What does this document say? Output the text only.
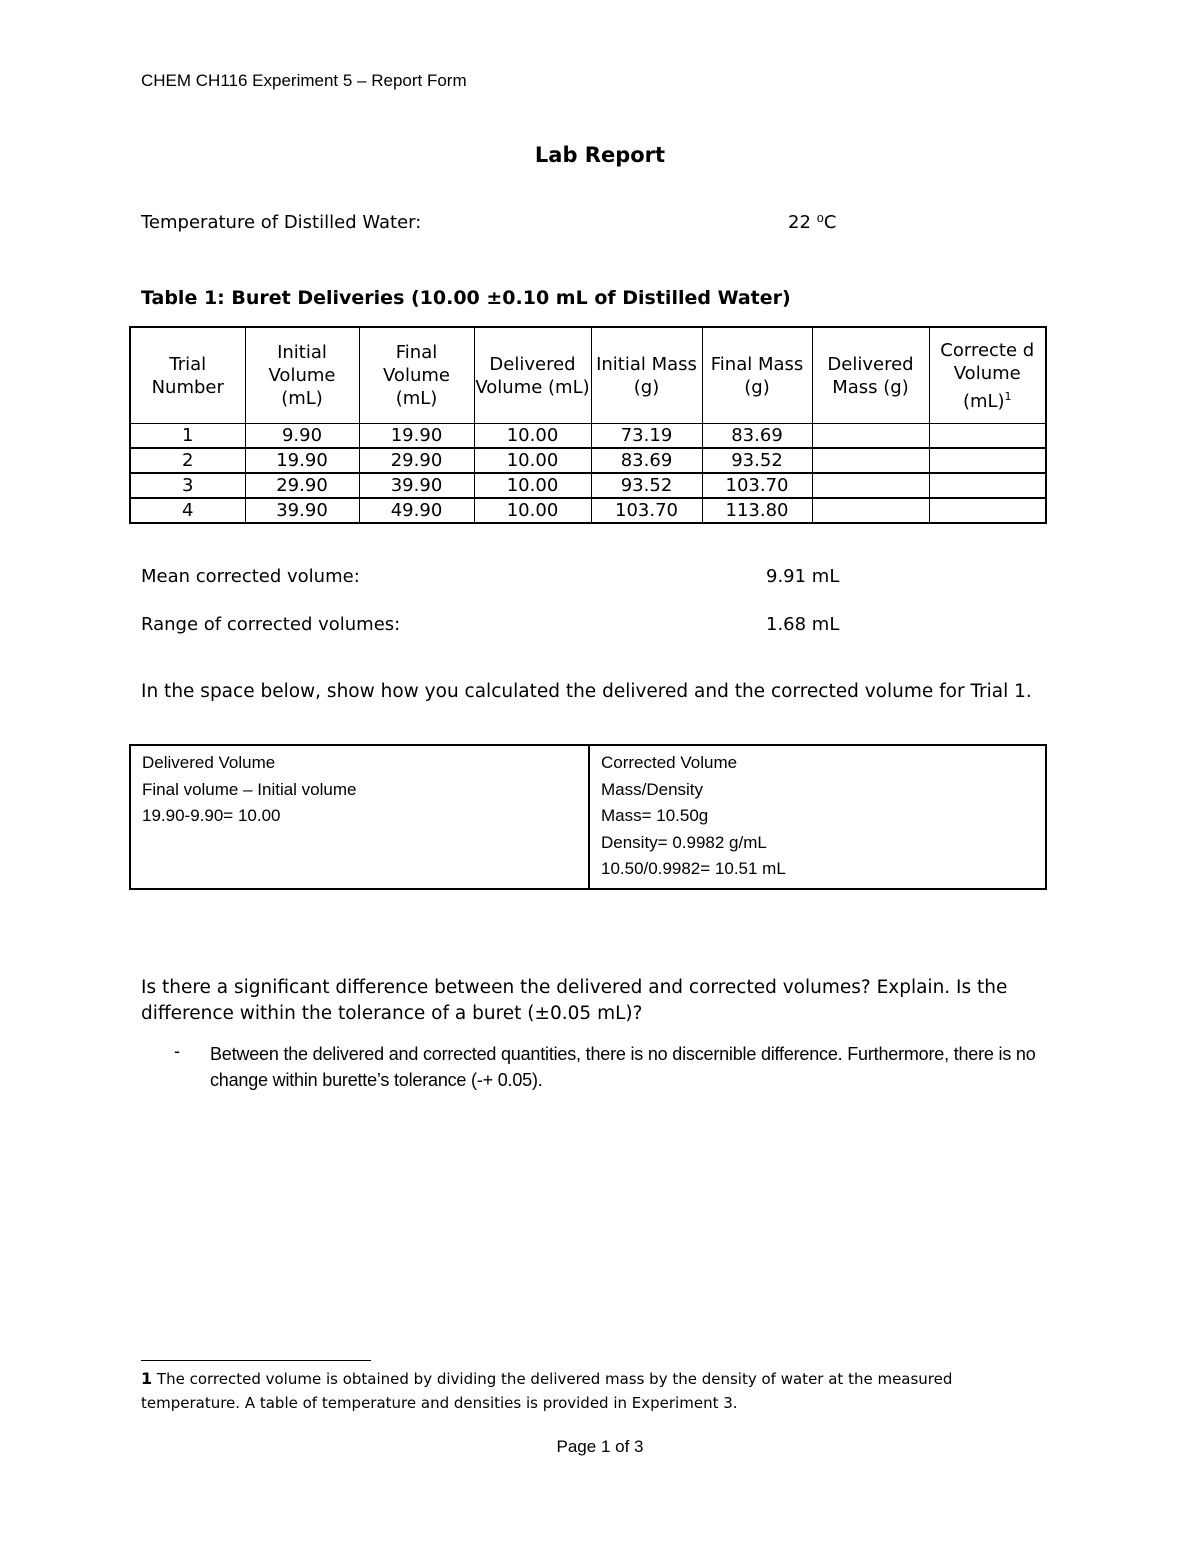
CHEM CH116 Experiment 5 – Report Form
Lab Report
Temperature of Distilled Water:	22 ⁰C
Table 1: Buret Deliveries (10.00 ±0.10 mL of Distilled Water)
Trial Number	Initial Volume (mL)	Final Volume (mL)	Delivered Volume (mL)	Initial Mass (g)	Final Mass (g)	Delivered Mass (g)	Correcte d Volume (mL)$^1$
1	9.90	19.90	10.00	73.19	83.69		
2	19.90	29.90	10.00	83.69	93.52		
3	29.90	39.90	10.00	93.52	103.70		
4	39.90	49.90	10.00	103.70	113.80		
Mean corrected volume:	9.91 mL
Range of corrected volumes:	1.68 mL
In the space below, show how you calculated the delivered and the corrected volume for Trial 1.
Delivered Volume
Final volume – Initial volume
19.90-9.90= 10.00
Corrected Volume
Mass/Density
Mass= 10.50g
Density= 0.9982 g/mL
10.50/0.9982= 10.51 mL
Is there a significant difference between the delivered and corrected volumes? Explain. Is the difference within the tolerance of a buret (±0.05 mL)?
- Between the delivered and corrected quantities, there is no discernible difference. Furthermore, there is no change within burette’s tolerance (-+ 0.05).
1 The corrected volume is obtained by dividing the delivered mass by the density of water at the measured temperature. A table of temperature and densities is provided in Experiment 3.
Page 1 of 3
